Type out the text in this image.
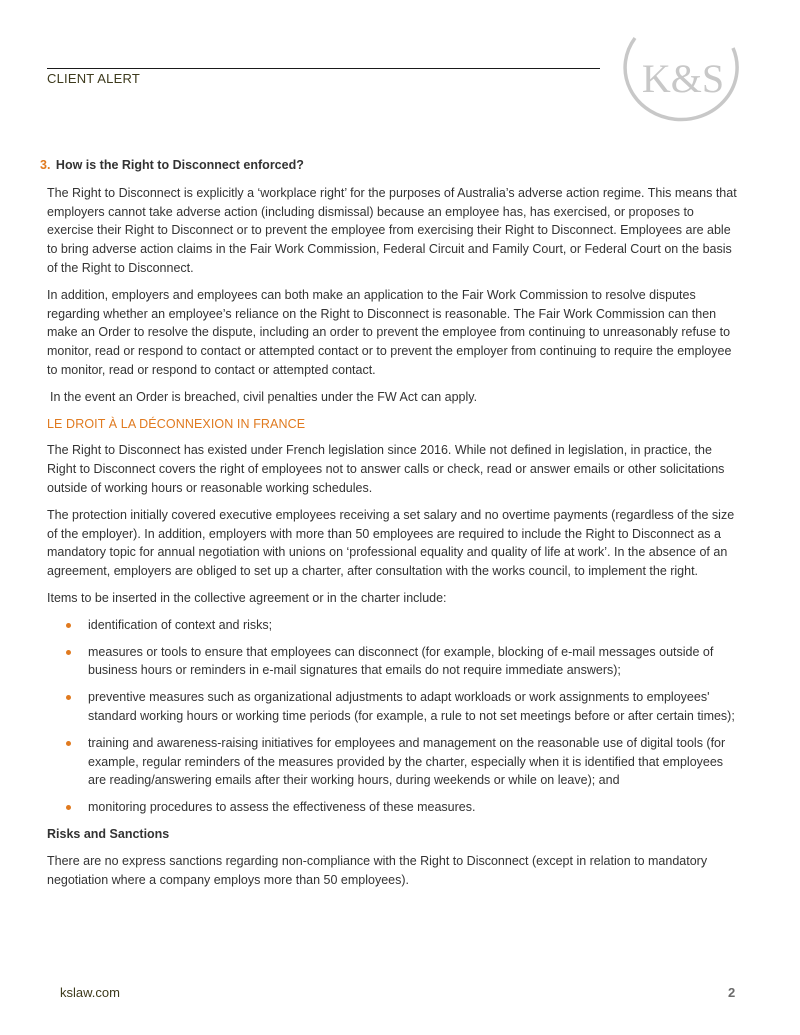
CLIENT ALERT	K&S
3. How is the Right to Disconnect enforced?

The Right to Disconnect is explicitly a ‘workplace right’ for the purposes of Australia’s adverse action regime. This means that employers cannot take adverse action (including dismissal) because an employee has, has exercised, or proposes to exercise their Right to Disconnect or to prevent the employee from exercising their Right to Disconnect. Employees are able to bring adverse action claims in the Fair Work Commission, Federal Circuit and Family Court, or Federal Court on the basis of the Right to Disconnect.

In addition, employers and employees can both make an application to the Fair Work Commission to resolve disputes regarding whether an employee’s reliance on the Right to Disconnect is reasonable. The Fair Work Commission can then make an Order to resolve the dispute, including an order to prevent the employee from continuing to unreasonably refuse to monitor, read or respond to contact or attempted contact or to prevent the employer from continuing to require the employee to monitor, read or respond to contact or attempted contact.

In the event an Order is breached, civil penalties under the FW Act can apply.

LE DROIT À LA DÉCONNEXION IN FRANCE

The Right to Disconnect has existed under French legislation since 2016. While not defined in legislation, in practice, the Right to Disconnect covers the right of employees not to answer calls or check, read or answer emails or other solicitations outside of working hours or reasonable working schedules.

The protection initially covered executive employees receiving a set salary and no overtime payments (regardless of the size of the employer). In addition, employers with more than 50 employees are required to include the Right to Disconnect as a mandatory topic for annual negotiation with unions on ‘professional equality and quality of life at work’. In the absence of an agreement, employers are obliged to set up a charter, after consultation with the works council, to implement the right.

Items to be inserted in the collective agreement or in the charter include:

identification of context and risks;
measures or tools to ensure that employees can disconnect (for example, blocking of e-mail messages outside of business hours or reminders in e-mail signatures that emails do not require immediate answers);
preventive measures such as organizational adjustments to adapt workloads or work assignments to employees' standard working hours or working time periods (for example, a rule to not set meetings before or after certain times);
training and awareness-raising initiatives for employees and management on the reasonable use of digital tools (for example, regular reminders of the measures provided by the charter, especially when it is identified that employees are reading/answering emails after their working hours, during weekends or while on leave); and
monitoring procedures to assess the effectiveness of these measures.
Risks and Sanctions

There are no express sanctions regarding non-compliance with the Right to Disconnect (except in relation to mandatory negotiation where a company employs more than 50 employees).

kslaw.com	2
